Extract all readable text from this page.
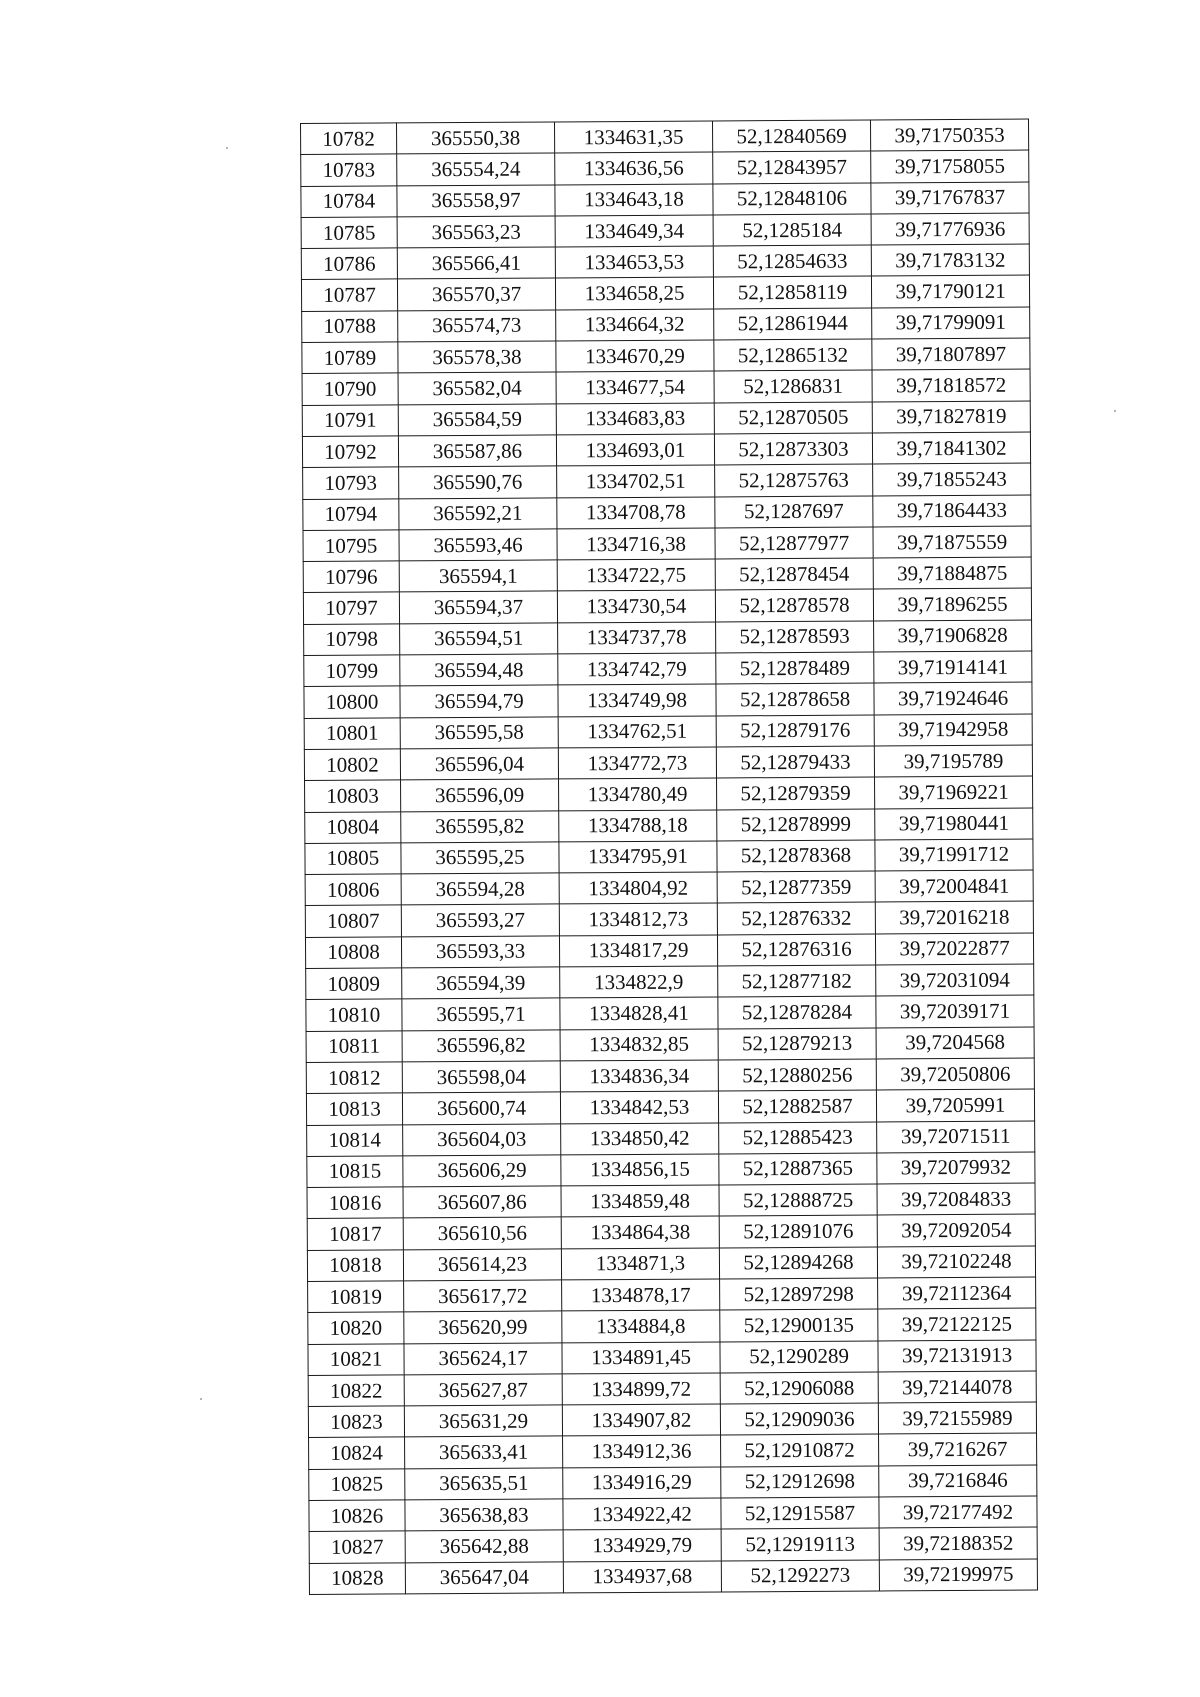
10782	365550,38	1334631,35	52,12840569	39,71750353
10783	365554,24	1334636,56	52,12843957	39,71758055
10784	365558,97	1334643,18	52,12848106	39,71767837
10785	365563,23	1334649,34	52,1285184	39,71776936
10786	365566,41	1334653,53	52,12854633	39,71783132
10787	365570,37	1334658,25	52,12858119	39,71790121
10788	365574,73	1334664,32	52,12861944	39,71799091
10789	365578,38	1334670,29	52,12865132	39,71807897
10790	365582,04	1334677,54	52,1286831	39,71818572
10791	365584,59	1334683,83	52,12870505	39,71827819
10792	365587,86	1334693,01	52,12873303	39,71841302
10793	365590,76	1334702,51	52,12875763	39,71855243
10794	365592,21	1334708,78	52,1287697	39,71864433
10795	365593,46	1334716,38	52,12877977	39,71875559
10796	365594,1	1334722,75	52,12878454	39,71884875
10797	365594,37	1334730,54	52,12878578	39,71896255
10798	365594,51	1334737,78	52,12878593	39,71906828
10799	365594,48	1334742,79	52,12878489	39,71914141
10800	365594,79	1334749,98	52,12878658	39,71924646
10801	365595,58	1334762,51	52,12879176	39,71942958
10802	365596,04	1334772,73	52,12879433	39,7195789
10803	365596,09	1334780,49	52,12879359	39,71969221
10804	365595,82	1334788,18	52,12878999	39,71980441
10805	365595,25	1334795,91	52,12878368	39,71991712
10806	365594,28	1334804,92	52,12877359	39,72004841
10807	365593,27	1334812,73	52,12876332	39,72016218
10808	365593,33	1334817,29	52,12876316	39,72022877
10809	365594,39	1334822,9	52,12877182	39,72031094
10810	365595,71	1334828,41	52,12878284	39,72039171
10811	365596,82	1334832,85	52,12879213	39,7204568
10812	365598,04	1334836,34	52,12880256	39,72050806
10813	365600,74	1334842,53	52,12882587	39,7205991
10814	365604,03	1334850,42	52,12885423	39,72071511
10815	365606,29	1334856,15	52,12887365	39,72079932
10816	365607,86	1334859,48	52,12888725	39,72084833
10817	365610,56	1334864,38	52,12891076	39,72092054
10818	365614,23	1334871,3	52,12894268	39,72102248
10819	365617,72	1334878,17	52,12897298	39,72112364
10820	365620,99	1334884,8	52,12900135	39,72122125
10821	365624,17	1334891,45	52,1290289	39,72131913
10822	365627,87	1334899,72	52,12906088	39,72144078
10823	365631,29	1334907,82	52,12909036	39,72155989
10824	365633,41	1334912,36	52,12910872	39,7216267
10825	365635,51	1334916,29	52,12912698	39,7216846
10826	365638,83	1334922,42	52,12915587	39,72177492
10827	365642,88	1334929,79	52,12919113	39,72188352
10828	365647,04	1334937,68	52,1292273	39,72199975
